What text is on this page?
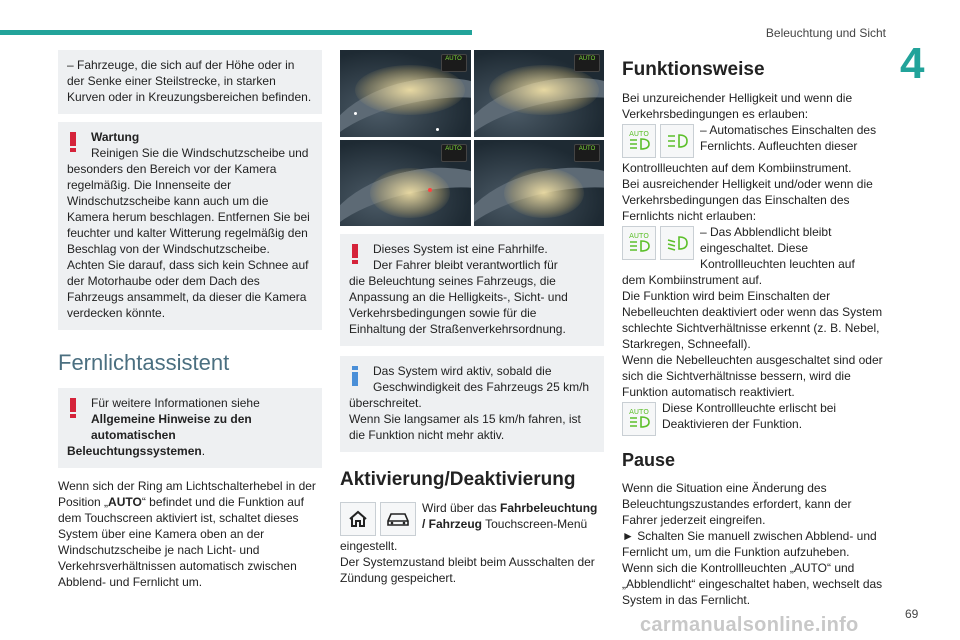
Beleuchtung und Sicht
4

– Fahrzeuge, die sich auf der Höhe oder in der Senke einer Steilstrecke, in starken Kurven oder in Kreuzungsbereichen befinden.

Wartung
Reinigen Sie die Windschutzscheibe und

besonders den Bereich vor der Kamera regelmäßig. Die Innenseite der Windschutzscheibe kann auch um die Kamera herum beschlagen. Entfernen Sie bei feuchter und kalter Witterung regelmäßig den Beschlag von der Windschutzscheibe.

Achten Sie darauf, dass sich kein Schnee auf der Motorhaube oder dem Dach des Fahrzeugs ansammelt, da dieser die Kamera verdecken könnte.

Fernlichtassistent
Für weitere Informationen siehe Allgemeine Hinweise zu den automatischen

Beleuchtungssystemen.

Wenn sich der Ring am Lichtschalterhebel in der Position „AUTO“ befindet und die Funktion auf dem Touchscreen aktiviert ist, schaltet dieses System über eine Kamera oben an der Windschutzscheibe je nach Licht- und Verkehrsverhältnissen automatisch zwischen Abblend- und Fernlicht um.

AUTO	AUTO
AUTO	AUTO
Dieses System ist eine Fahrhilfe.
Der Fahrer bleibt verantwortlich für

die Beleuchtung seines Fahrzeugs, die Anpassung an die Helligkeits-, Sicht- und Verkehrsbedingungen sowie für die Einhaltung der Straßenverkehrsordnung.

Das System wird aktiv, sobald die Geschwindigkeit des Fahrzeugs 25 km/h

überschreitet.

Wenn Sie langsamer als 15 km/h fahren, ist die Funktion nicht mehr aktiv.

Aktivierung/Deaktivierung

Wird über das Fahrbeleuchtung / Fahrzeug Touchscreen-Menü

eingestellt.

Der Systemzustand bleibt beim Ausschalten der Zündung gespeichert.

Funktionsweise

Bei unzureichender Helligkeit und wenn die Verkehrsbedingungen es erlauben:

AUTO	– Automatisches Einschalten des Fernlichts. Aufleuchten dieser

Kontrollleuchten auf dem Kombiinstrument.

Bei ausreichender Helligkeit und/oder wenn die Verkehrsbedingungen das Einschalten des Fernlichts nicht erlauben:

AUTO	– Das Abblendlicht bleibt eingeschaltet. Diese Kontrollleuchten leuchten auf

dem Kombiinstrument auf.

Die Funktion wird beim Einschalten der Nebelleuchten deaktiviert oder wenn das System schlechte Sichtverhältnisse erkennt (z. B. Nebel, Starkregen, Schneefall).

Wenn die Nebelleuchten ausgeschaltet sind oder sich die Sichtverhältnisse bessern, wird die Funktion automatisch reaktiviert.

AUTO	Diese Kontrollleuchte erlischt bei Deaktivieren der Funktion.

Pause

Wenn die Situation eine Änderung des Beleuchtungszustandes erfordert, kann der Fahrer jederzeit eingreifen.

► Schalten Sie manuell zwischen Abblend- und Fernlicht um, um die Funktion aufzuheben.

Wenn sich die Kontrollleuchten „AUTO“ und „Abblendlicht“ eingeschaltet haben, wechselt das System in das Fernlicht.

carmanualsonline.info	69
